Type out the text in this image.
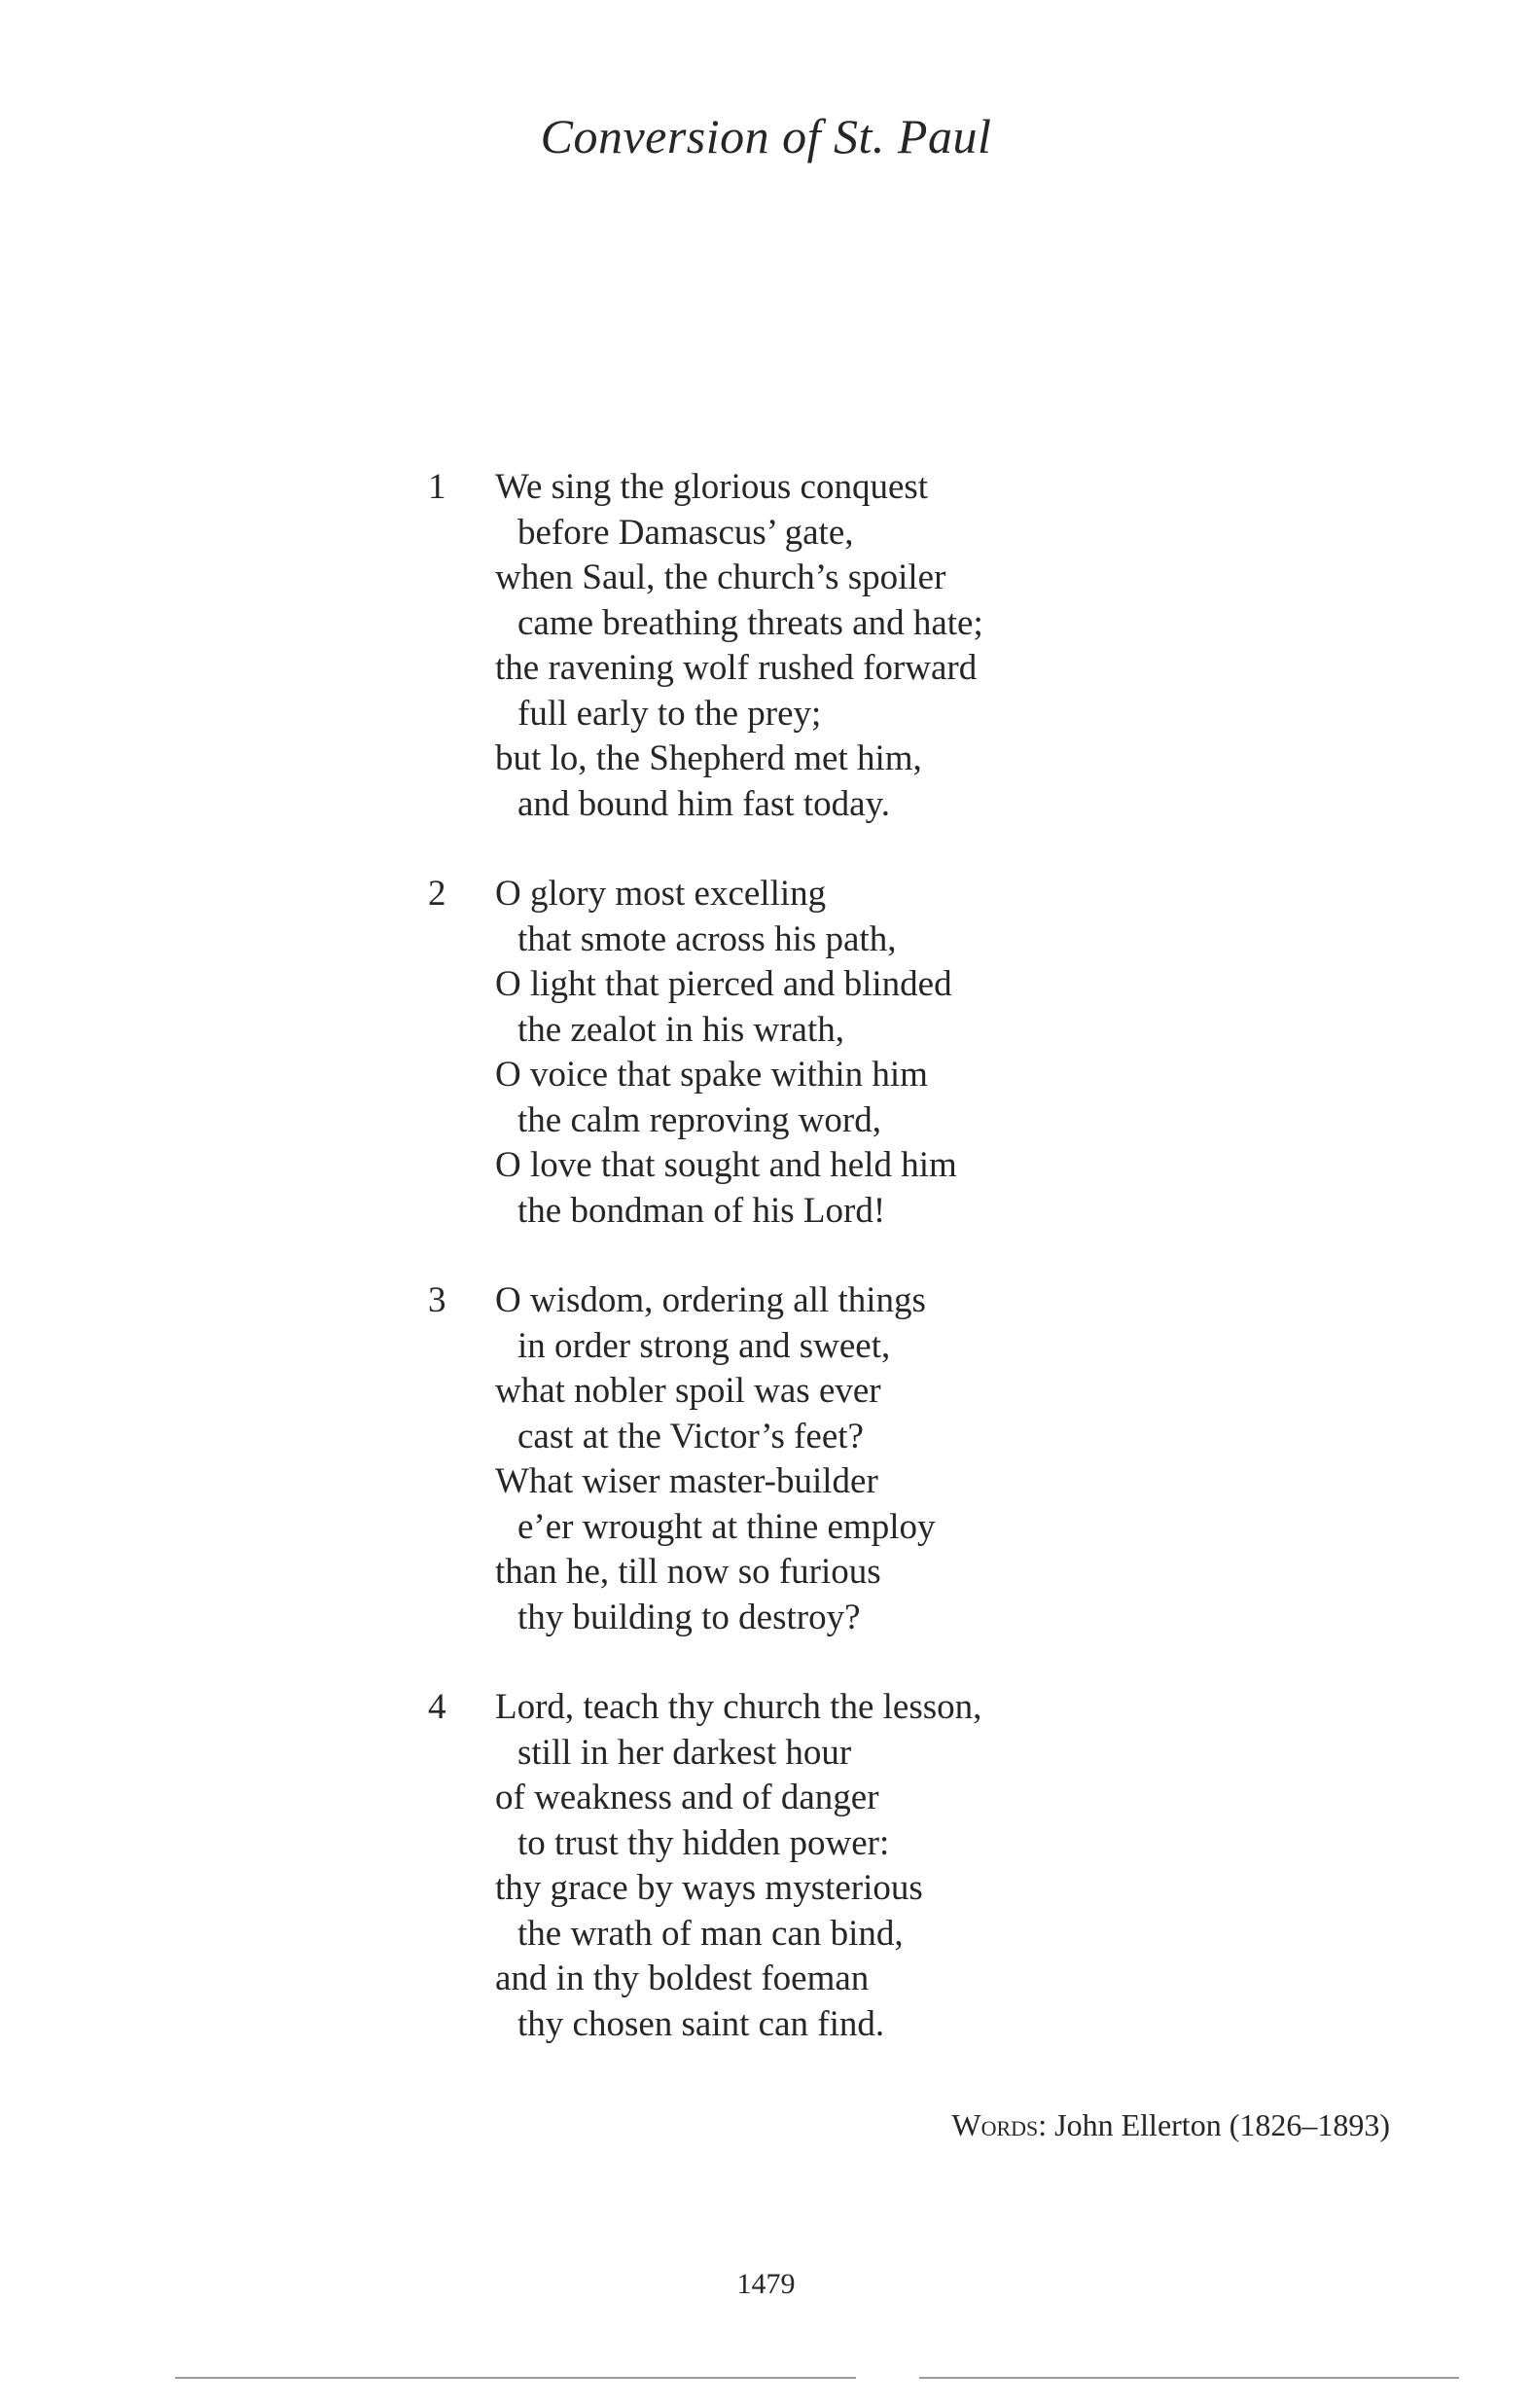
Conversion of St. Paul
1 We sing the glorious conquest
before Damascus’ gate,
when Saul, the church’s spoiler
came breathing threats and hate;
the ravening wolf rushed forward
full early to the prey;
but lo, the Shepherd met him,
and bound him fast today.
2 O glory most excelling
that smote across his path,
O light that pierced and blinded
the zealot in his wrath,
O voice that spake within him
the calm reproving word,
O love that sought and held him
the bondman of his Lord!
3 O wisdom, ordering all things
in order strong and sweet,
what nobler spoil was ever
cast at the Victor’s feet?
What wiser master-builder
e’er wrought at thine employ
than he, till now so furious
thy building to destroy?
4 Lord, teach thy church the lesson,
still in her darkest hour
of weakness and of danger
to trust thy hidden power:
thy grace by ways mysterious
the wrath of man can bind,
and in thy boldest foeman
thy chosen saint can find.
Words: John Ellerton (1826–1893)
1479
